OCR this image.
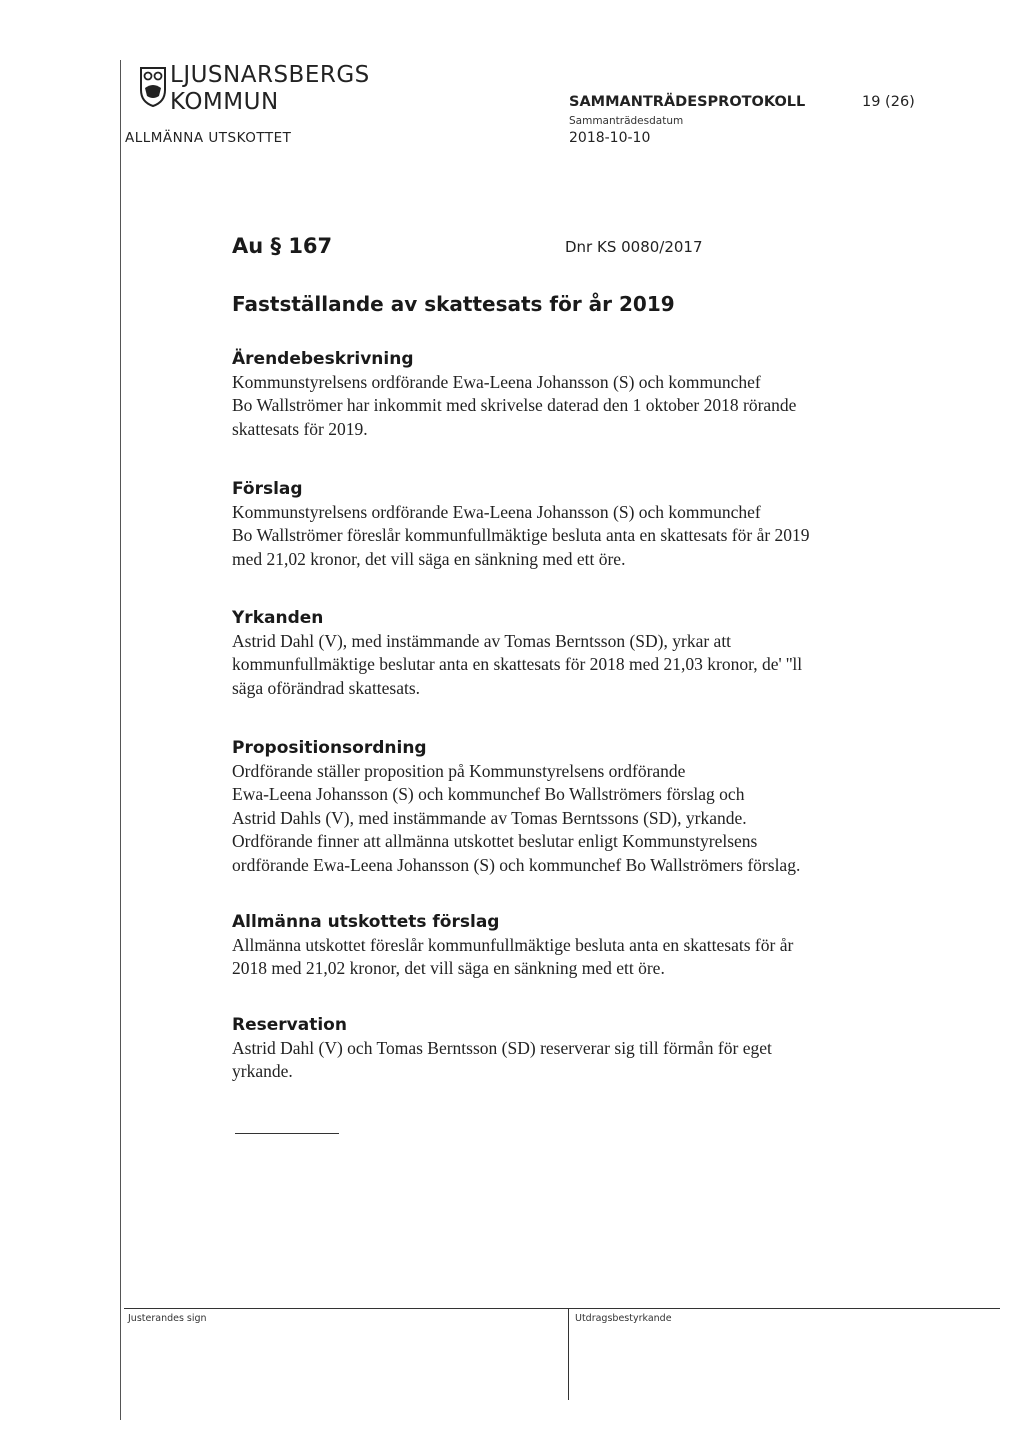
LJUSNARSBERGS
KOMMUN
ALLMÄNNA UTSKOTTET
SAMMANTRÄDESPROTOKOLL	19 (26)
Sammanträdesdatum
2018-10-10
Au § 167	Dnr KS 0080/2017
Fastställande av skattesats för år 2019
Ärendebeskrivning

Kommunstyrelsens ordförande Ewa-Leena Johansson (S) och kommunchef
Bo Wallströmer har inkommit med skrivelse daterad den 1 oktober 2018 rörande
skattesats för 2019.

Förslag

Kommunstyrelsens ordförande Ewa-Leena Johansson (S) och kommunchef
Bo Wallströmer föreslår kommunfullmäktige besluta anta en skattesats för år 2019
med 21,02 kronor, det vill säga en sänkning med ett öre.

Yrkanden

Astrid Dahl (V), med instämmande av Tomas Berntsson (SD), yrkar att
kommunfullmäktige beslutar anta en skattesats för 2018 med 21,03 kronor, de' ''ll
säga oförändrad skattesats.

Propositionsordning

Ordförande ställer proposition på Kommunstyrelsens ordförande
Ewa-Leena Johansson (S) och kommunchef Bo Wallströmers förslag och
Astrid Dahls (V), med instämmande av Tomas Berntssons (SD), yrkande.
Ordförande finner att allmänna utskottet beslutar enligt Kommunstyrelsens
ordförande Ewa-Leena Johansson (S) och kommunchef Bo Wallströmers förslag.

Allmänna utskottets förslag

Allmänna utskottet föreslår kommunfullmäktige besluta anta en skattesats för år
2018 med 21,02 kronor, det vill säga en sänkning med ett öre.

Reservation

Astrid Dahl (V) och Tomas Berntsson (SD) reserverar sig till förmån för eget
yrkande.

Justerandes sign	Utdragsbestyrkande
